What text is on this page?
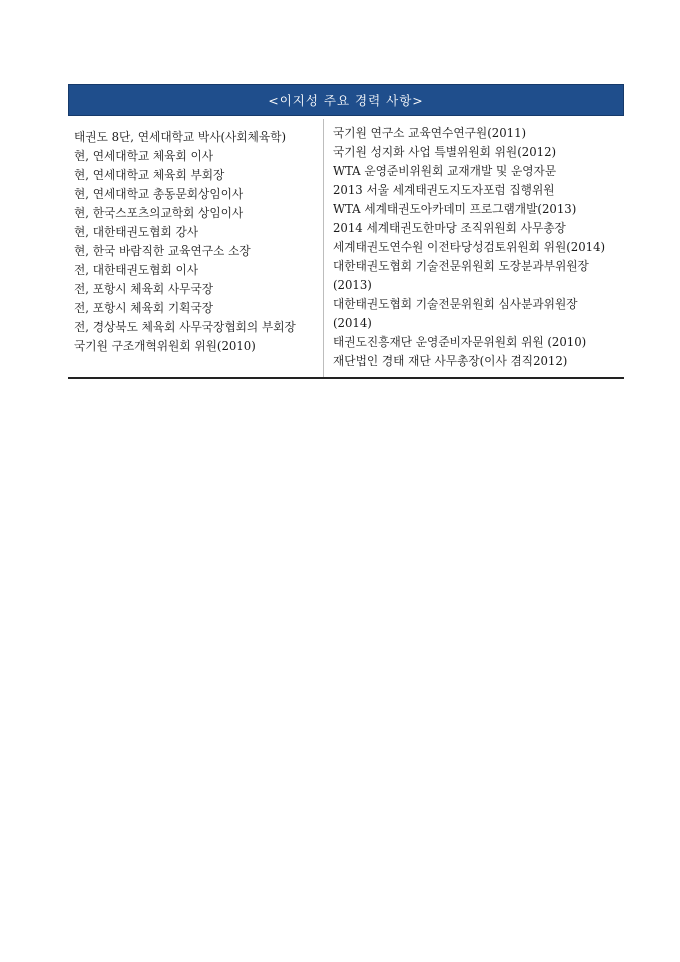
<이지성 주요 경력 사항>
태권도 8단, 연세대학교 박사(사회체육학)
현, 연세대학교 체육회 이사
현, 연세대학교 체육회 부회장
현, 연세대학교 총동문회상임이사
현, 한국스포츠의교학회 상임이사
현, 대한태권도협회 강사
현, 한국 바람직한 교육연구소 소장
전, 대한태권도협회 이사
전, 포항시 체육회 사무국장
전, 포항시 체육회 기획국장
전, 경상북도 체육회 사무국장협회의 부회장
국기원 구조개혁위원회 위원(2010)
국기원 연구소 교육연수연구원(2011)
국기원 성지화 사업 특별위원회 위원(2012)
WTA 운영준비위원회 교재개발 및 운영자문
2013 서울 세계태권도지도자포럼 집행위원
WTA 세계태권도아카데미 프로그램개발(2013)
2014 세계태권도한마당 조직위원회 사무총장
세계태권도연수원 이전타당성검토위원회 위원(2014)
대한태권도협회 기술전문위원회 도장분과부위원장
(2013)
대한태권도협회 기술전문위원회 심사분과위원장
(2014)
태권도진흥재단 운영준비자문위원회 위원 (2010)
재단법인 경태 재단 사무총장(이사 겸직2012)
